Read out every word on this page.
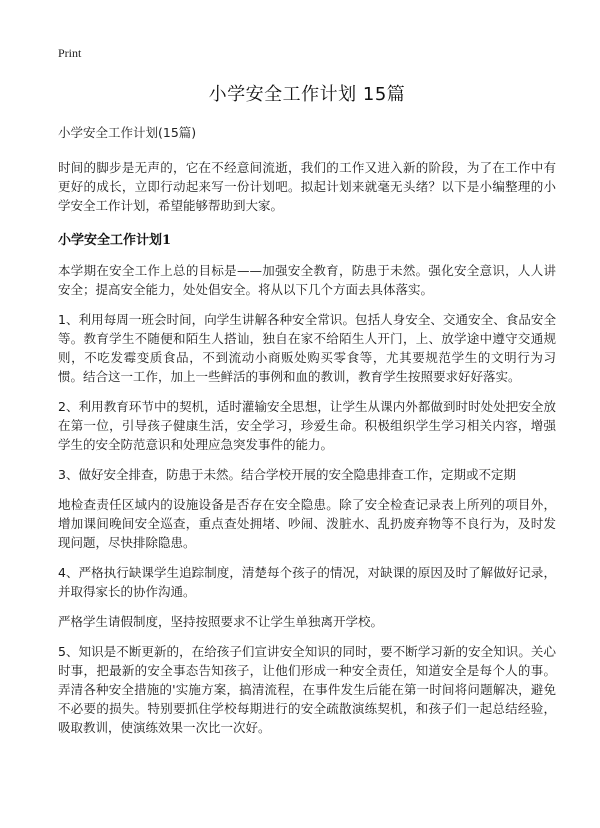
Print
小学安全工作计划 15篇

小学安全工作计划(15篇)

时间的脚步是无声的，它在不经意间流逝，我们的工作又进入新的阶段，为了在工作中有更好的成长，立即行动起来写一份计划吧。拟起计划来就毫无头绪？以下是小编整理的小学安全工作计划，希望能够帮助到大家。

小学安全工作计划1

本学期在安全工作上总的目标是——加强安全教育，防患于未然。强化安全意识，人人讲安全；提高安全能力，处处倡安全。将从以下几个方面去具体落实。

1、利用每周一班会时间，向学生讲解各种安全常识。包括人身安全、交通安全、食品安全等。教育学生不随便和陌生人搭讪，独自在家不给陌生人开门，上、放学途中遵守交通规则，不吃发霉变质食品，不到流动小商贩处购买零食等，尤其要规范学生的文明行为习惯。结合这一工作，加上一些鲜活的事例和血的教训，教育学生按照要求好好落实。

2、利用教育环节中的契机，适时灌输安全思想，让学生从课内外都做到时时处处把安全放在第一位，引导孩子健康生活，安全学习，珍爱生命。积极组织学生学习相关内容，增强学生的安全防范意识和处理应急突发事件的能力。

3、做好安全排查，防患于未然。结合学校开展的安全隐患排查工作，定期或不定期

地检查责任区域内的设施设备是否存在安全隐患。除了安全检查记录表上所列的项目外，增加课间晚间安全巡查，重点查处拥堵、吵闹、泼脏水、乱扔废弃物等不良行为，及时发现问题，尽快排除隐患。

4、严格执行缺课学生追踪制度，清楚每个孩子的情况，对缺课的原因及时了解做好记录，并取得家长的协作沟通。

严格学生请假制度，坚持按照要求不让学生单独离开学校。

5、知识是不断更新的，在给孩子们宣讲安全知识的同时，要不断学习新的安全知识。关心时事，把最新的安全事态告知孩子，让他们形成一种安全责任，知道安全是每个人的事。弄清各种安全措施的'实施方案，搞清流程，在事件发生后能在第一时间将问题解决，避免不必要的损失。特别要抓住学校每期进行的安全疏散演练契机，和孩子们一起总结经验，吸取教训，使演练效果一次比一次好。
